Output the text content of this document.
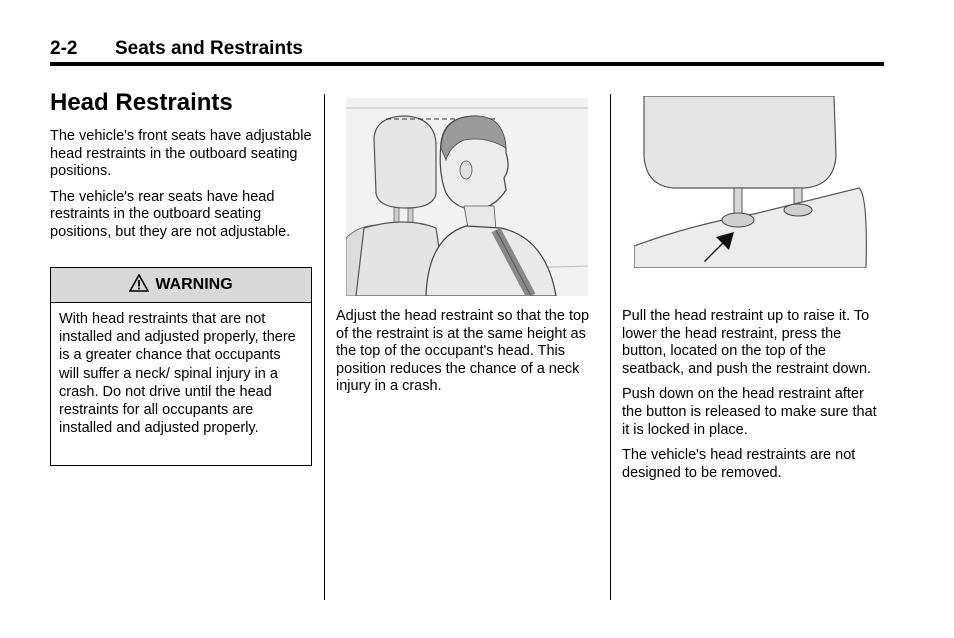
2-2 Seats and Restraints
Head Restraints

The vehicle's front seats have adjustable head restraints in the outboard seating positions.

The vehicle's rear seats have head restraints in the outboard seating positions, but they are not adjustable.

WARNING

With head restraints that are not installed and adjusted properly, there is a greater chance that occupants will suffer a neck/ spinal injury in a crash. Do not drive until the head restraints for all occupants are installed and adjusted properly.

Adjust the head restraint so that the top of the restraint is at the same height as the top of the occupant's head. This position reduces the chance of a neck injury in a crash.

Pull the head restraint up to raise it. To lower the head restraint, press the button, located on the top of the seatback, and push the restraint down.

Push down on the head restraint after the button is released to make sure that it is locked in place.

The vehicle's head restraints are not designed to be removed.
